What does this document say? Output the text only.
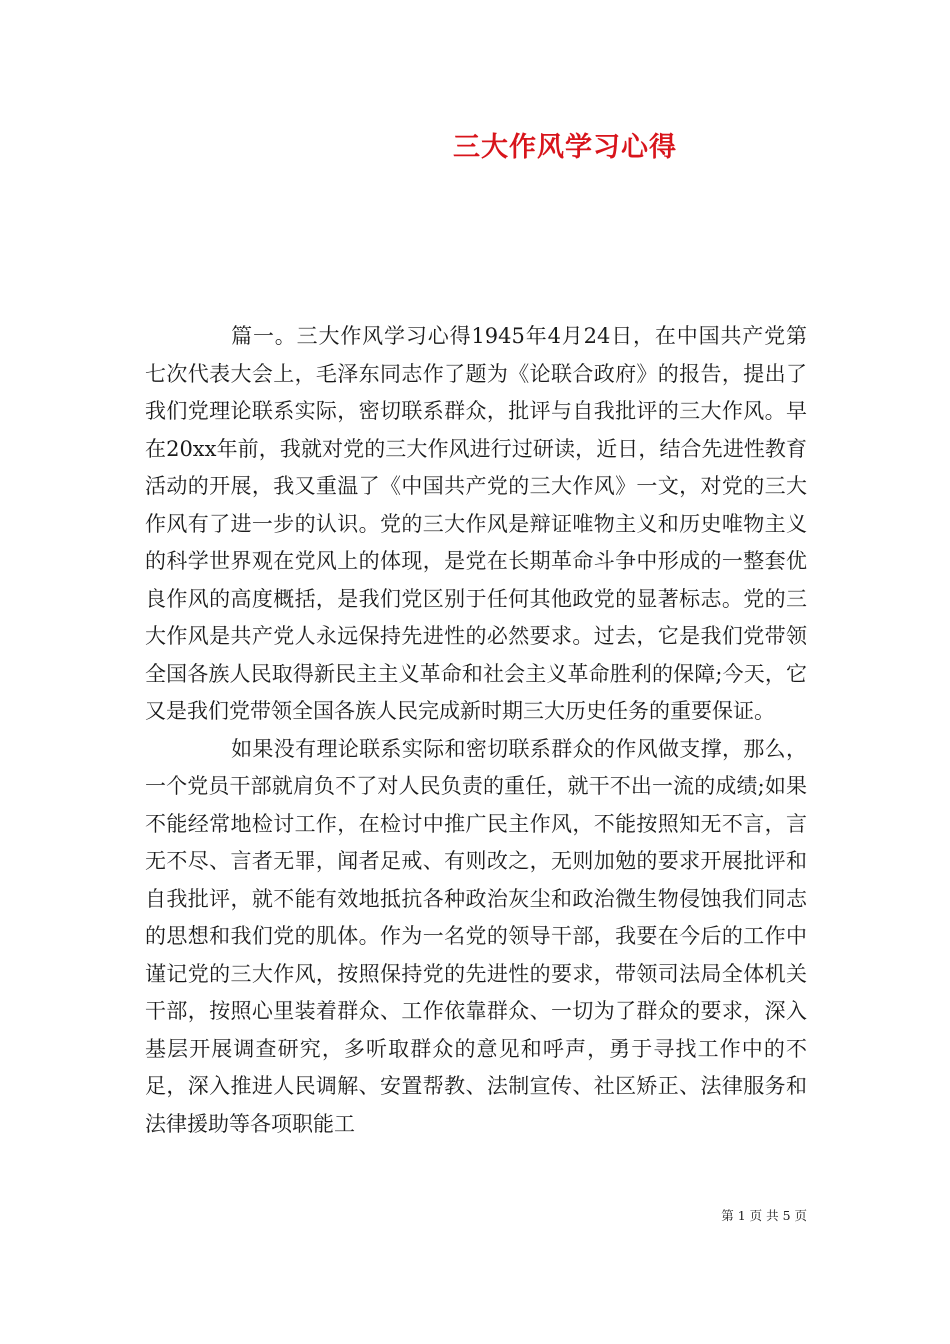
三大作风学习心得

篇一。三大作风学习心得1945年4月24日，在中国共产党第七次代表大会上，毛泽东同志作了题为《论联合政府》的报告，提出了我们党理论联系实际，密切联系群众，批评与自我批评的三大作风。早在20xx年前，我就对党的三大作风进行过研读，近日，结合先进性教育活动的开展，我又重温了《中国共产党的三大作风》一文，对党的三大作风有了进一步的认识。党的三大作风是辩证唯物主义和历史唯物主义的科学世界观在党风上的体现，是党在长期革命斗争中形成的一整套优良作风的高度概括，是我们党区别于任何其他政党的显著标志。党的三大作风是共产党人永远保持先进性的必然要求。过去，它是我们党带领全国各族人民取得新民主主义革命和社会主义革命胜利的保障;今天，它又是我们党带领全国各族人民完成新时期三大历史任务的重要保证。

如果没有理论联系实际和密切联系群众的作风做支撑，那么，一个党员干部就肩负不了对人民负责的重任，就干不出一流的成绩;如果不能经常地检讨工作，在检讨中推广民主作风，不能按照知无不言，言无不尽、言者无罪，闻者足戒、有则改之，无则加勉的要求开展批评和自我批评，就不能有效地抵抗各种政治灰尘和政治微生物侵蚀我们同志的思想和我们党的肌体。作为一名党的领导干部，我要在今后的工作中谨记党的三大作风，按照保持党的先进性的要求，带领司法局全体机关干部，按照心里装着群众、工作依靠群众、一切为了群众的要求，深入基层开展调查研究，多听取群众的意见和呼声，勇于寻找工作中的不足，深入推进人民调解、安置帮教、法制宣传、社区矫正、法律服务和法律援助等各项职能工

第 1 页 共 5 页
